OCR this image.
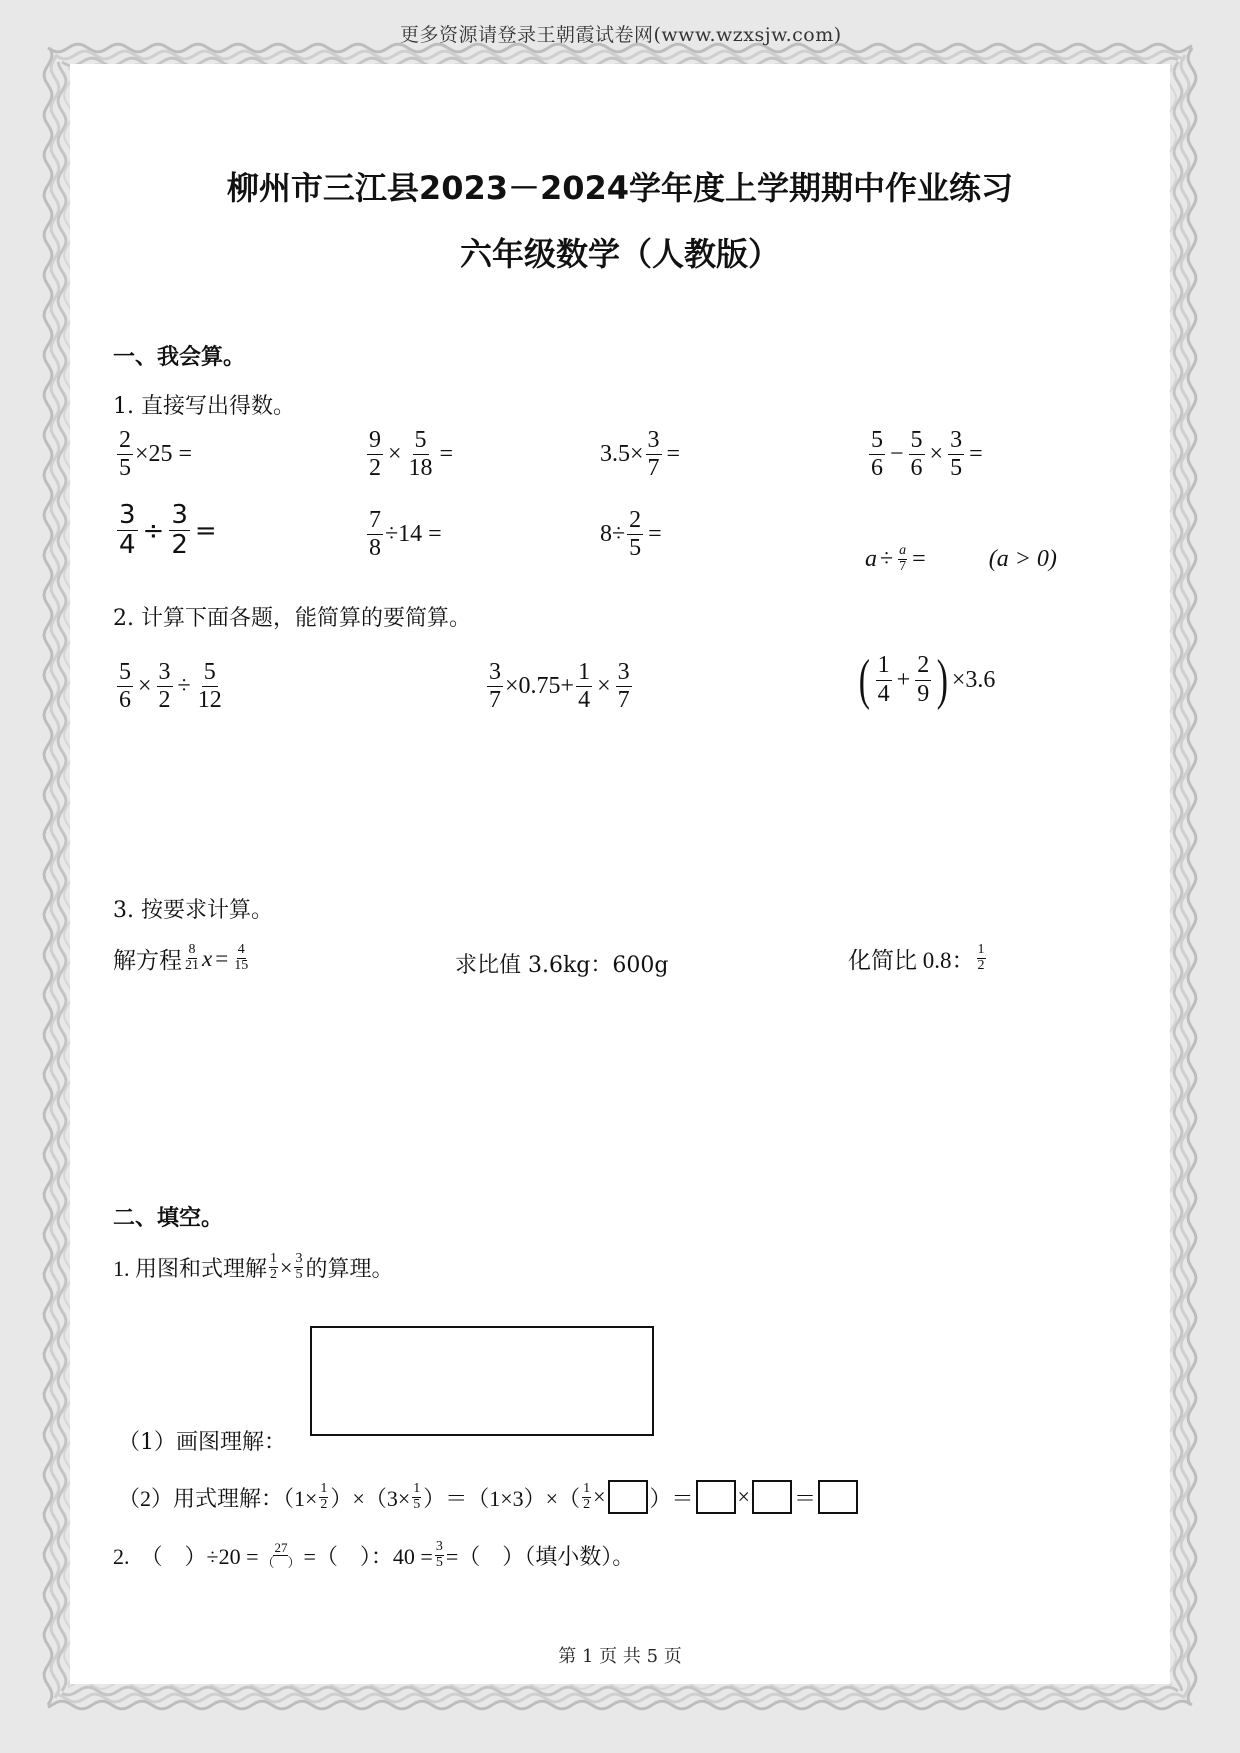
更多资源请登录王朝霞试卷网(www.wzxsjw.com)
柳州市三江县2023－2024学年度上学期期中作业练习
六年级数学（人教版）
一、我会算。
1. 直接写出得数。
$\frac{2}{5} \times 25$ =	$\frac{9}{2} \times \frac{5}{18}$ =	$3.5\times \frac{3}{7}$ =	$\frac{5}{6} - \frac{5}{6} \times \frac{3}{5}$ =
$\frac{3}{4} \div \frac{3}{2}$ =	$\frac{7}{8} \div 14$ =	$8\div \frac{2}{5}$ =
$a \div \frac{a}{7}$ =	(a > 0)
2. 计算下面各题，能简算的要简算。
$\frac{5}{6} \times \frac{3}{2} \div \frac{5}{12}$	$\frac{3}{7} \times 0.75+ \frac{1}{4} \times \frac{3}{7}$	( $\frac{1}{4} + \frac{2}{9}$ ) ×3.6
3. 按要求计算。
解方程 8
21 $x = \frac{4}{15}$	求比值 3.6kg：600g	化简比 0.8： 1
2
二、填空。
1. 用图和式理解 $\frac{1}{2} \times \frac{3}{5}$ 的算理。
（1）画图理解：
（2）用式理解：$(1\times \frac{1}{2} )\times(3\times \frac{1}{5} )=(1\times 3)\times( \frac{1}{2}$ × ）＝ × ＝
2.　（　）÷20 = 27
（　） =（　）：$40 = \frac{3}{5}$ =（　）（填小数）。
第 1 页 共 5 页
